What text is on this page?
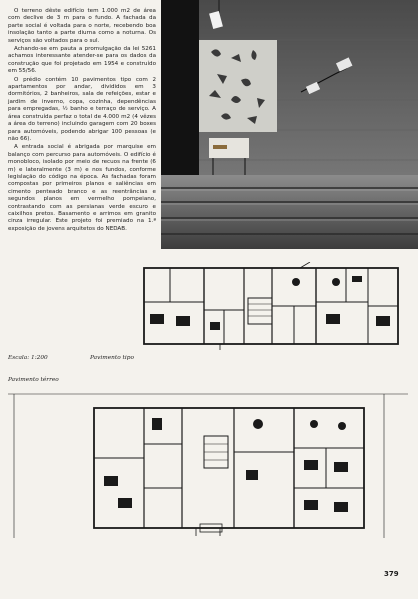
O terreno dêste edifício tem 1.000 m2 de área com declive de 3 m para o fundo. A fachada da parte social é voltada para o norte, recebendo boa insolação tanto a parte diurna como a noturna. Os serviços são voltados para o sul.

Achando-se em pauta a promulgação da lei 5261 achamos interessante atender-se para os dados da construção que foi projetado em 1954 e construído em 55/56.

O prédio contém 10 pavimentos tipo com 2 apartamentos por andar, divididos em 3 dormitórios, 2 banheiros, sala de refeições, estar e jardim de inverno, copa, cozinha, dependências para empregadas, ½ banho e terraço de serviço. A área construída perfaz o total de 4.000 m2 (4 vêzes a área do terreno) incluindo garagem com 20 boxes para automóveis, podendo abrigar 100 pessoas (e não 66).

A entrada social é abrigada por marquise em balanço com percurso para automóveis. O edifício é monobloco, isolado por meio de recuos na frente (6 m) e lateralmente (3 m) e nos fundos, conforme legislação do código na época. As fachadas foram compostas por primeiros planos e saliências em cimento penteado branco e as reentrâncias e segundos planos em vermelho pompeiano, contrastando com as persianas verde escuro e caixilhos pretos. Basamento e arrimos em granito cinza irregular. Este projeto foi premiado na 1.ª exposição de jovens arquitetos do NEDAB.

Escala: 1:200	Pavimento tipo
Pavimento térreo
379
